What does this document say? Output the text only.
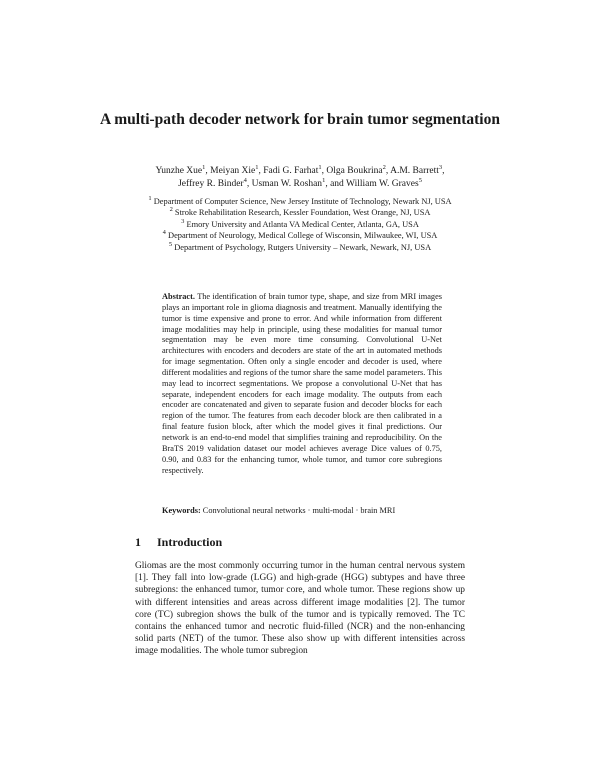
A multi-path decoder network for brain tumor segmentation
Yunzhe Xue$^1$, Meiyan Xie$^1$, Fadi G. Farhat$^1$, Olga Boukrina$^2$, A.M. Barrett$^3$,
Jeffrey R. Binder$^4$, Usman W. Roshan$^1$, and William W. Graves$^5$
$^1$ Department of Computer Science, New Jersey Institute of Technology, Newark NJ, USA
$^2$ Stroke Rehabilitation Research, Kessler Foundation, West Orange, NJ, USA
$^3$ Emory University and Atlanta VA Medical Center, Atlanta, GA, USA
$^4$ Department of Neurology, Medical College of Wisconsin, Milwaukee, WI, USA
$^5$ Department of Psychology, Rutgers University – Newark, Newark, NJ, USA
Abstract. The identification of brain tumor type, shape, and size from MRI images plays an important role in glioma diagnosis and treatment. Manually identifying the tumor is time expensive and prone to error. And while information from different image modalities may help in principle, using these modalities for manual tumor segmentation may be even more time consuming. Convolutional U-Net architectures with encoders and decoders are state of the art in automated methods for image segmentation. Often only a single encoder and decoder is used, where different modalities and regions of the tumor share the same model parameters. This may lead to incorrect segmentations. We propose a convolutional U-Net that has separate, independent encoders for each image modality. The outputs from each encoder are concatenated and given to separate fusion and decoder blocks for each region of the tumor. The features from each decoder block are then calibrated in a final feature fusion block, after which the model gives it final predictions. Our network is an end-to-end model that simplifies training and reproducibility. On the BraTS 2019 validation dataset our model achieves average Dice values of 0.75, 0.90, and 0.83 for the enhancing tumor, whole tumor, and tumor core subregions respectively.
Keywords: Convolutional neural networks · multi-modal · brain MRI
1 Introduction
Gliomas are the most commonly occurring tumor in the human central nervous system [1]. They fall into low-grade (LGG) and high-grade (HGG) subtypes and have three subregions: the enhanced tumor, tumor core, and whole tumor. These regions show up with different intensities and areas across different image modalities [2]. The tumor core (TC) subregion shows the bulk of the tumor and is typically removed. The TC contains the enhanced tumor and necrotic fluid-filled (NCR) and the non-enhancing solid parts (NET) of the tumor. These also show up with different intensities across image modalities. The whole tumor subregion
